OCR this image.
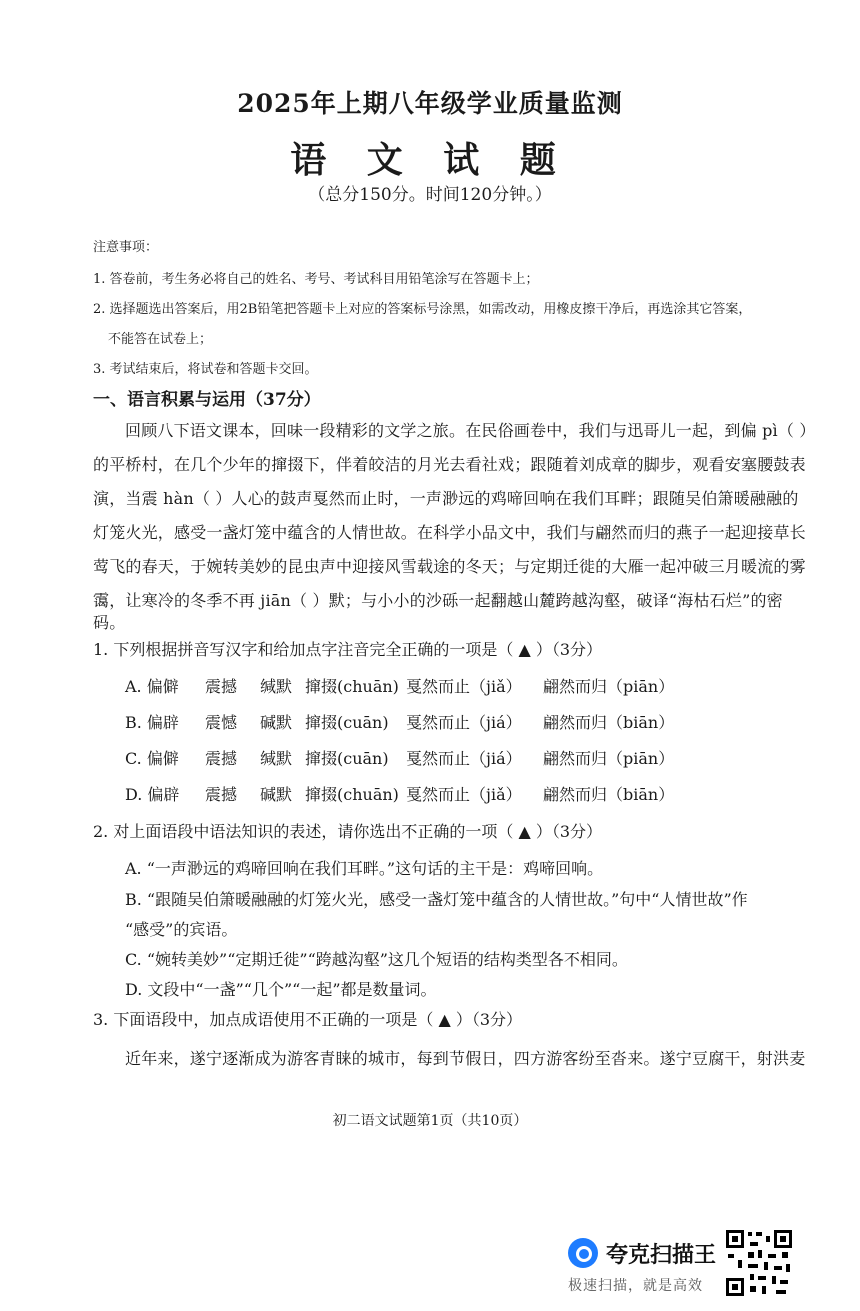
2025年上期八年级学业质量监测
语 文 试 题
（总分150分。时间120分钟。）
注意事项：
1. 答卷前，考生务必将自己的姓名、考号、考试科目用铅笔涂写在答题卡上；
2. 选择题选出答案后，用2B铅笔把答题卡上对应的答案标号涂黑，如需改动，用橡皮擦干净后，再选涂其它答案，
不能答在试卷上；
3. 考试结束后，将试卷和答题卡交回。
一、语言积累与运用（37分）
回顾八下语文课本，回味一段精彩的文学之旅。在民俗画卷中，我们与迅哥儿一起，到偏 pì（ ）
的平桥村，在几个少年的撺掇下，伴着皎洁的月光去看社戏；跟随着刘成章的脚步，观看安塞腰鼓表
演，当震 hàn（ ）人心的鼓声戛然而止时，一声渺远的鸡啼回响在我们耳畔；跟随吴伯箫暖融融的
灯笼火光，感受一盏灯笼中蕴含的人情世故。在科学小品文中，我们与翩然而归的燕子一起迎接草长
莺飞的春天，于婉转美妙的昆虫声中迎接风雪载途的冬天；与定期迁徙的大雁一起冲破三月暖流的雾
霭，让寒冷的冬季不再 jiān（ ）默；与小小的沙砾一起翻越山麓跨越沟壑，破译“海枯石烂”的密
码。
1. 下列根据拼音写汉字和给加点字注音完全正确的一项是（ ▲ ）（3分）
A. 偏僻 震撼 缄默 撺掇(chuān) 戛然而止（jiǎ） 翩然而归（piān）
B. 偏辟 震憾 碱默 撺掇(cuān) 戛然而止（jiá） 翩然而归（biān）
C. 偏僻 震撼 缄默 撺掇(cuān) 戛然而止（jiá） 翩然而归（piān）
D. 偏辟 震撼 碱默 撺掇(chuān) 戛然而止（jiǎ） 翩然而归（biān）
2. 对上面语段中语法知识的表述，请你选出不正确的一项（ ▲ ）（3分）
A. “一声渺远的鸡啼回响在我们耳畔。”这句话的主干是：鸡啼回响。
B. “跟随吴伯箫暖融融的灯笼火光，感受一盏灯笼中蕴含的人情世故。”句中“人情世故”作
“感受”的宾语。
C. “婉转美妙”“定期迁徙”“跨越沟壑”这几个短语的结构类型各不相同。
D. 文段中“一盏”“几个”“一起”都是数量词。
3. 下面语段中，加点成语使用不正确的一项是（ ▲ ）（3分）
近年来，遂宁逐渐成为游客青睐的城市，每到节假日，四方游客纷至沓来。遂宁豆腐干，射洪麦
初二语文试题第1页（共10页）
夸克扫描王
极速扫描，就是高效
